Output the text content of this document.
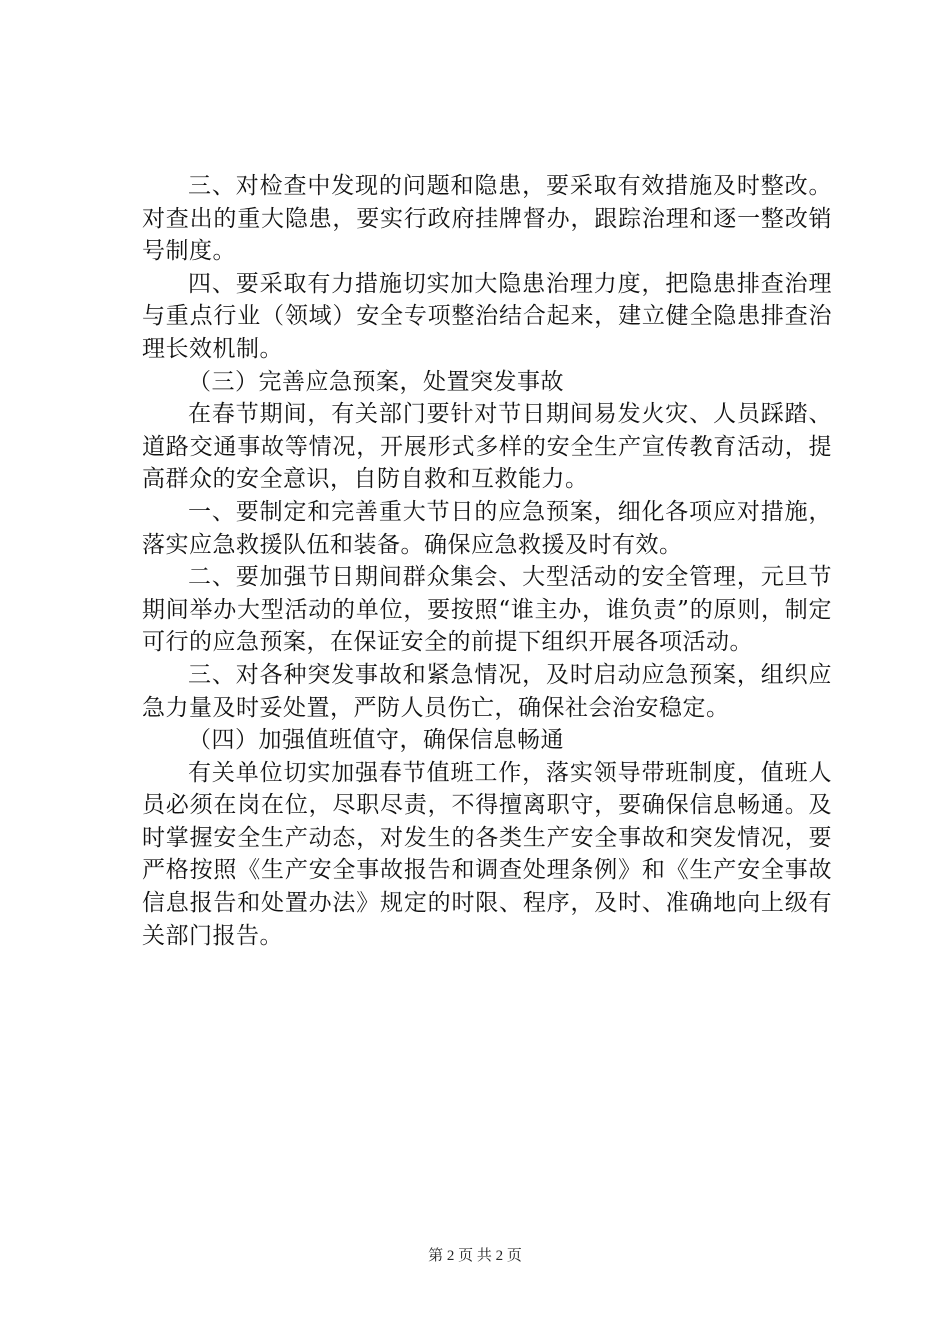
三、对检查中发现的问题和隐患，要采取有效措施及时整改。对查出的重大隐患，要实行政府挂牌督办，跟踪治理和逐一整改销号制度。

四、要采取有力措施切实加大隐患治理力度，把隐患排查治理与重点行业（领域）安全专项整治结合起来，建立健全隐患排查治理长效机制。

（三）完善应急预案，处置突发事故

在春节期间，有关部门要针对节日期间易发火灾、人员踩踏、道路交通事故等情况，开展形式多样的安全生产宣传教育活动，提高群众的安全意识，自防自救和互救能力。

一、要制定和完善重大节日的应急预案，细化各项应对措施，落实应急救援队伍和装备。确保应急救援及时有效。

二、要加强节日期间群众集会、大型活动的安全管理，元旦节期间举办大型活动的单位，要按照“谁主办，谁负责”的原则，制定可行的应急预案，在保证安全的前提下组织开展各项活动。

三、对各种突发事故和紧急情况，及时启动应急预案，组织应急力量及时妥处置，严防人员伤亡，确保社会治安稳定。

（四）加强值班值守，确保信息畅通

有关单位切实加强春节值班工作，落实领导带班制度，值班人员必须在岗在位，尽职尽责，不得擅离职守，要确保信息畅通。及时掌握安全生产动态，对发生的各类生产安全事故和突发情况，要严格按照《生产安全事故报告和调查处理条例》和《生产安全事故信息报告和处置办法》规定的时限、程序，及时、准确地向上级有关部门报告。

第 2 页 共 2 页
